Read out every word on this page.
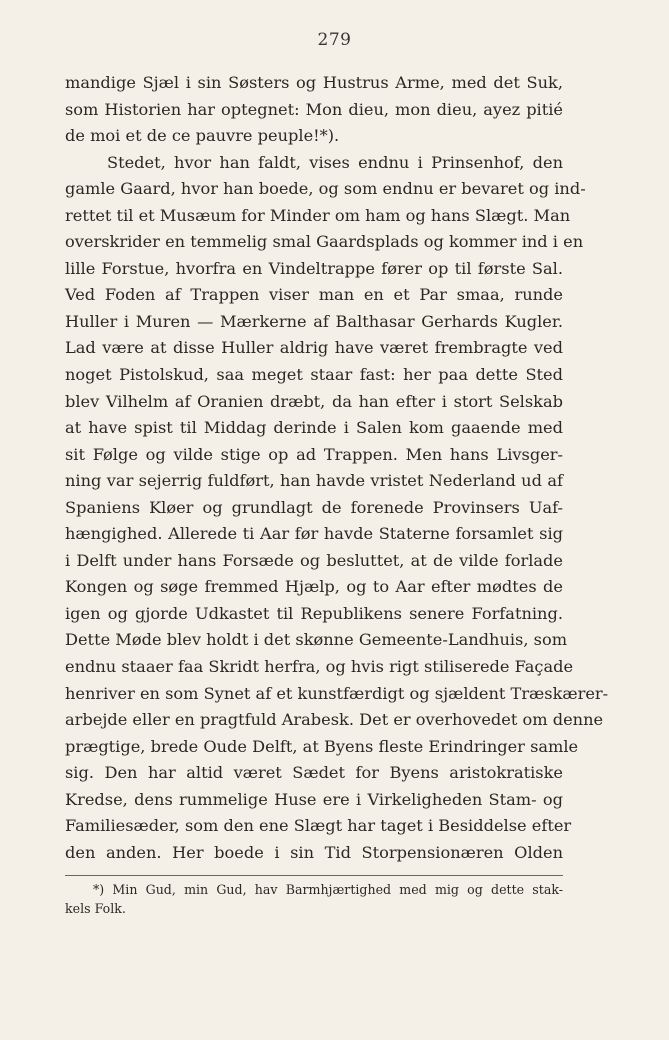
279
mandige Sjæl i sin Søsters og Hustrus Arme, med det Suk,
som Historien har optegnet: Mon dieu, mon dieu, ayez pitié
de moi et de ce pauvre peuple!*).
Stedet, hvor han faldt, vises endnu i Prinsenhof, den
gamle Gaard, hvor han boede, og som endnu er bevaret og ind-
rettet til et Musæum for Minder om ham og hans Slægt. Man
overskrider en temmelig smal Gaardsplads og kommer ind i en
lille Forstue, hvorfra en Vindeltrappe fører op til første Sal.
Ved Foden af Trappen viser man en et Par smaa, runde
Huller i Muren — Mærkerne af Balthasar Gerhards Kugler.
Lad være at disse Huller aldrig have været frembragte ved
noget Pistolskud, saa meget staar fast: her paa dette Sted
blev Vilhelm af Oranien dræbt, da han efter i stort Selskab
at have spist til Middag derinde i Salen kom gaaende med
sit Følge og vilde stige op ad Trappen. Men hans Livsger-
ning var sejerrig fuldført, han havde vristet Nederland ud af
Spaniens Kløer og grundlagt de forenede Provinsers Uaf-
hængighed. Allerede ti Aar før havde Staterne forsamlet sig
i Delft under hans Forsæde og besluttet, at de vilde forlade
Kongen og søge fremmed Hjælp, og to Aar efter mødtes de
igen og gjorde Udkastet til Republikens senere Forfatning.
Dette Møde blev holdt i det skønne Gemeente-Landhuis, som
endnu staaer faa Skridt herfra, og hvis rigt stiliserede Façade
henriver en som Synet af et kunstfærdigt og sjældent Træskærer-
arbejde eller en pragtfuld Arabesk. Det er overhovedet om denne
prægtige, brede Oude Delft, at Byens fleste Erindringer samle
sig. Den har altid været Sædet for Byens aristokratiske
Kredse, dens rummelige Huse ere i Virkeligheden Stam- og
Familiesæder, som den ene Slægt har taget i Besiddelse efter
den anden. Her boede i sin Tid Storpensionæren Olden
*) Min Gud, min Gud, hav Barmhjærtighed med mig og dette stak-
kels Folk.
